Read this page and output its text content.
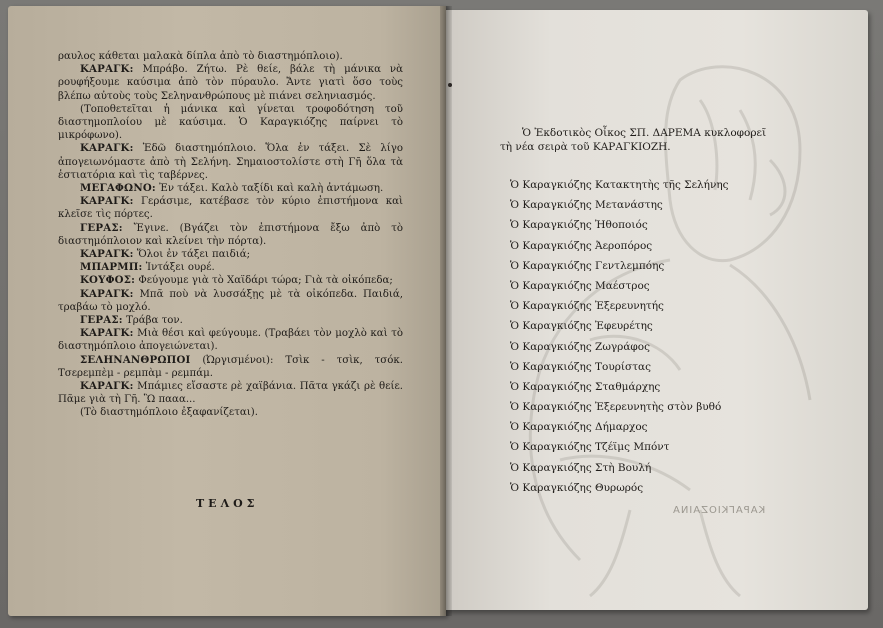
ΚΑΡΑΓΚΙΟΖΑΙΝΑ

ραυλος κάθεται μαλακὰ δίπλα ἀπὸ τὸ διαστημόπλοιο).

ΚΑΡΑΓΚ: Μπράβο. Ζήτω. Ρὲ θείε, βάλε τὴ μάνικα νὰ ρουφήξουμε καύσιμα ἀπὸ τὸν πύραυλο. Ἄντε γιατὶ ὅσο τοὺς βλέπω αὐτοὺς τοὺς Σεληνανθρώπους μὲ πιάνει σεληνιασμός.

(Τοποθετεῖται ἡ μάνικα καὶ γίνεται τροφοδότηση τοῦ διαστημοπλοίου μὲ καύσιμα. Ὁ Καραγκιόζης παίρνει τὸ μικρόφωνο).

ΚΑΡΑΓΚ: Ἐδῶ διαστημόπλοιο. Ὅλα ἐν τάξει. Σὲ λίγο ἀπογειωνόμαστε ἀπὸ τὴ Σελήνη. Σημαιοστολίστε στὴ Γῆ ὅλα τὰ ἑστιατόρια καὶ τὶς ταβέρνες.

ΜΕΓΑΦΩΝΟ: Ἐν τάξει. Καλὸ ταξίδι καὶ καλὴ ἀντάμωση.

ΚΑΡΑΓΚ: Γεράσιμε, κατέβασε τὸν κύριο ἐπιστήμονα καὶ κλεῖσε τὶς πόρτες.

ΓΕΡΑΣ: Ἔγινε. (Βγάζει τὸν ἐπιστήμονα ἔξω ἀπὸ τὸ διαστημόπλοιον καὶ κλείνει τὴν πόρτα).

ΚΑΡΑΓΚ: Ὅλοι ἐν τάξει παιδιά;

ΜΠΑΡΜΠ: Ἰντάξει ουρέ.

ΚΟΥΦΟΣ: Φεύγουμε γιὰ τὸ Χαϊδάρι τώρα; Γιὰ τὰ οἰκόπεδα;

ΚΑΡΑΓΚ: Μπᾶ ποὺ νὰ λυσσάξῃς μὲ τὰ οἰκόπεδα. Παιδιά, τραβάω τὸ μοχλό.

ΓΕΡΑΣ: Τράβα τον.

ΚΑΡΑΓΚ: Μιὰ θέσι καὶ φεύγουμε. (Τραβάει τὸν μοχλὸ καὶ τὸ διαστημόπλοιο ἀπογειώνεται).

ΣΕΛΗΝΑΝΘΡΩΠΟΙ (Ὠργισμένοι): Τσὶκ - τσὶκ, τσόκ. Τσερεμπὲμ - ρεμπὰμ - ρεμπάμ.

ΚΑΡΑΓΚ: Μπάμιες εἴσαστε ρὲ χαϊβάνια. Πᾶτα γκάζι ρὲ θείε. Πᾶμε γιὰ τὴ Γῆ. Ὢ πααα...

(Τὸ διαστημόπλοιο ἐξαφανίζεται).

ΤΕΛΟΣ

Ὁ Ἐκδοτικὸς Οἶκος ΣΠ. ΔΑΡΕΜΑ κυκλοφορεῖ

τὴ νέα σειρὰ τοῦ ΚΑΡΑΓΚΙΟΖΗ.

Ὁ Καραγκιόζης Κατακτητὴς τῆς Σελήνης
Ὁ Καραγκιόζης Μετανάστης
Ὁ Καραγκιόζης Ἠθοποιός
Ὁ Καραγκιόζης Ἀεροπόρος
Ὁ Καραγκιόζης Γεντλεμπόης
Ὁ Καραγκιόζης Μαέστρος
Ὁ Καραγκιόζης Ἐξερευνητής
Ὁ Καραγκιόζης Ἐφευρέτης
Ὁ Καραγκιόζης Ζωγράφος
Ὁ Καραγκιόζης Τουρίστας
Ὁ Καραγκιόζης Σταθμάρχης
Ὁ Καραγκιόζης Ἐξερευνητὴς στὸν βυθό
Ὁ Καραγκιόζης Δήμαρχος
Ὁ Καραγκιόζης Τζέϊμς Μπόντ
Ὁ Καραγκιόζης Στὴ Βουλή
Ὁ Καραγκιόζης Θυρωρός
